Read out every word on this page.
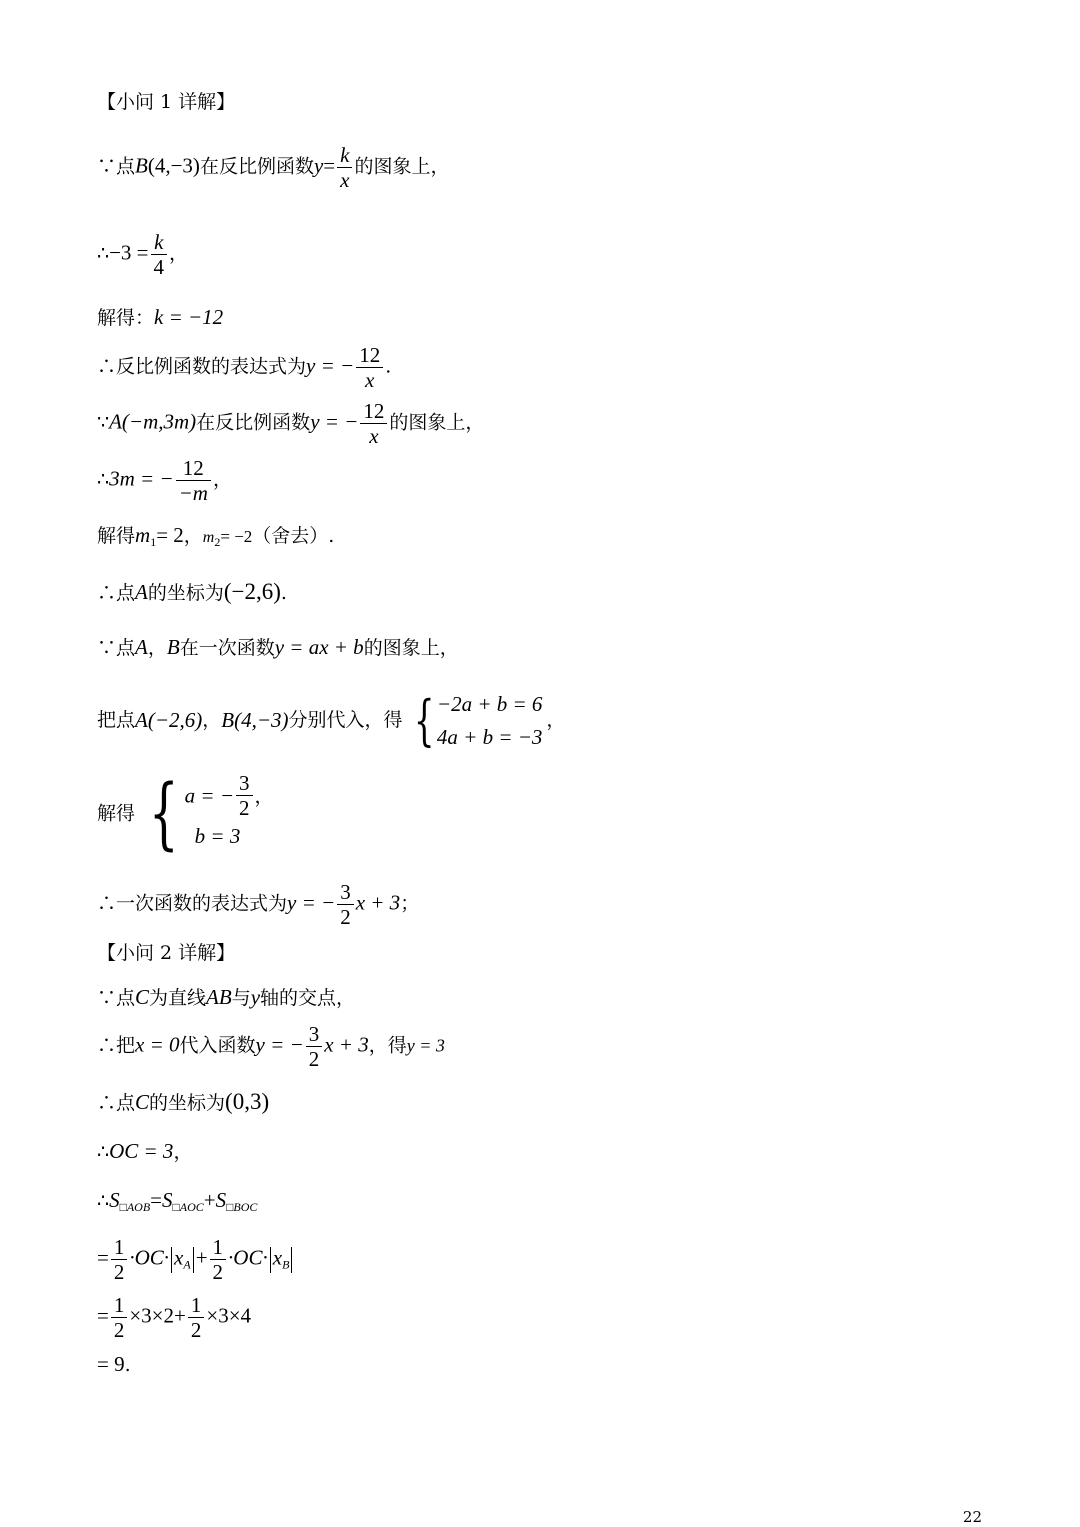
【小问 1 详解】
∵点B(4,−3)在反比例函数$y= \frac{k}{x}$ 的图象上，
∴−3 = $\frac{k}{4}$ ，
解得：k = −12
∴反比例函数的表达式为y = − $\frac{12}{x}$ .
∵A(−m,3m)在反比例函数y = − $\frac{12}{x}$ 的图象上，
∴3m = − $\frac{12}{-m}$ ，
解得$m_1= 2$，$m_2= -2$（舍去）.
∴点A的坐标为(−2,6).
∵点A，B在一次函数y = ax + b的图象上，
把点A(−2,6)，B(4,−3)分别代入，得 { −2a + b = 6
4a + b = −3
，
解得 { a = − $\frac{3}{2}$ ，
b = 3
∴一次函数的表达式为y = − $\frac{3}{2}$ x + 3；
【小问 2 详解】
∵点C为直线AB与y轴的交点，
∴把x = 0代入函数y = − $\frac{3}{2}$ x + 3，得y = 3
∴点C的坐标为(0,3)
∴OC = 3，
$\therefore S_{□AOB}=S_{□AOC}+S_{□BOC}$
= $\frac{1}{2} \cdot OC\cdot x_A + \frac{1}{2} \cdot OC\cdot x_B$
= $\frac{1}{2} \times 3\times 2+ \frac{1}{2} \times 3\times 4$
= 9.
22
